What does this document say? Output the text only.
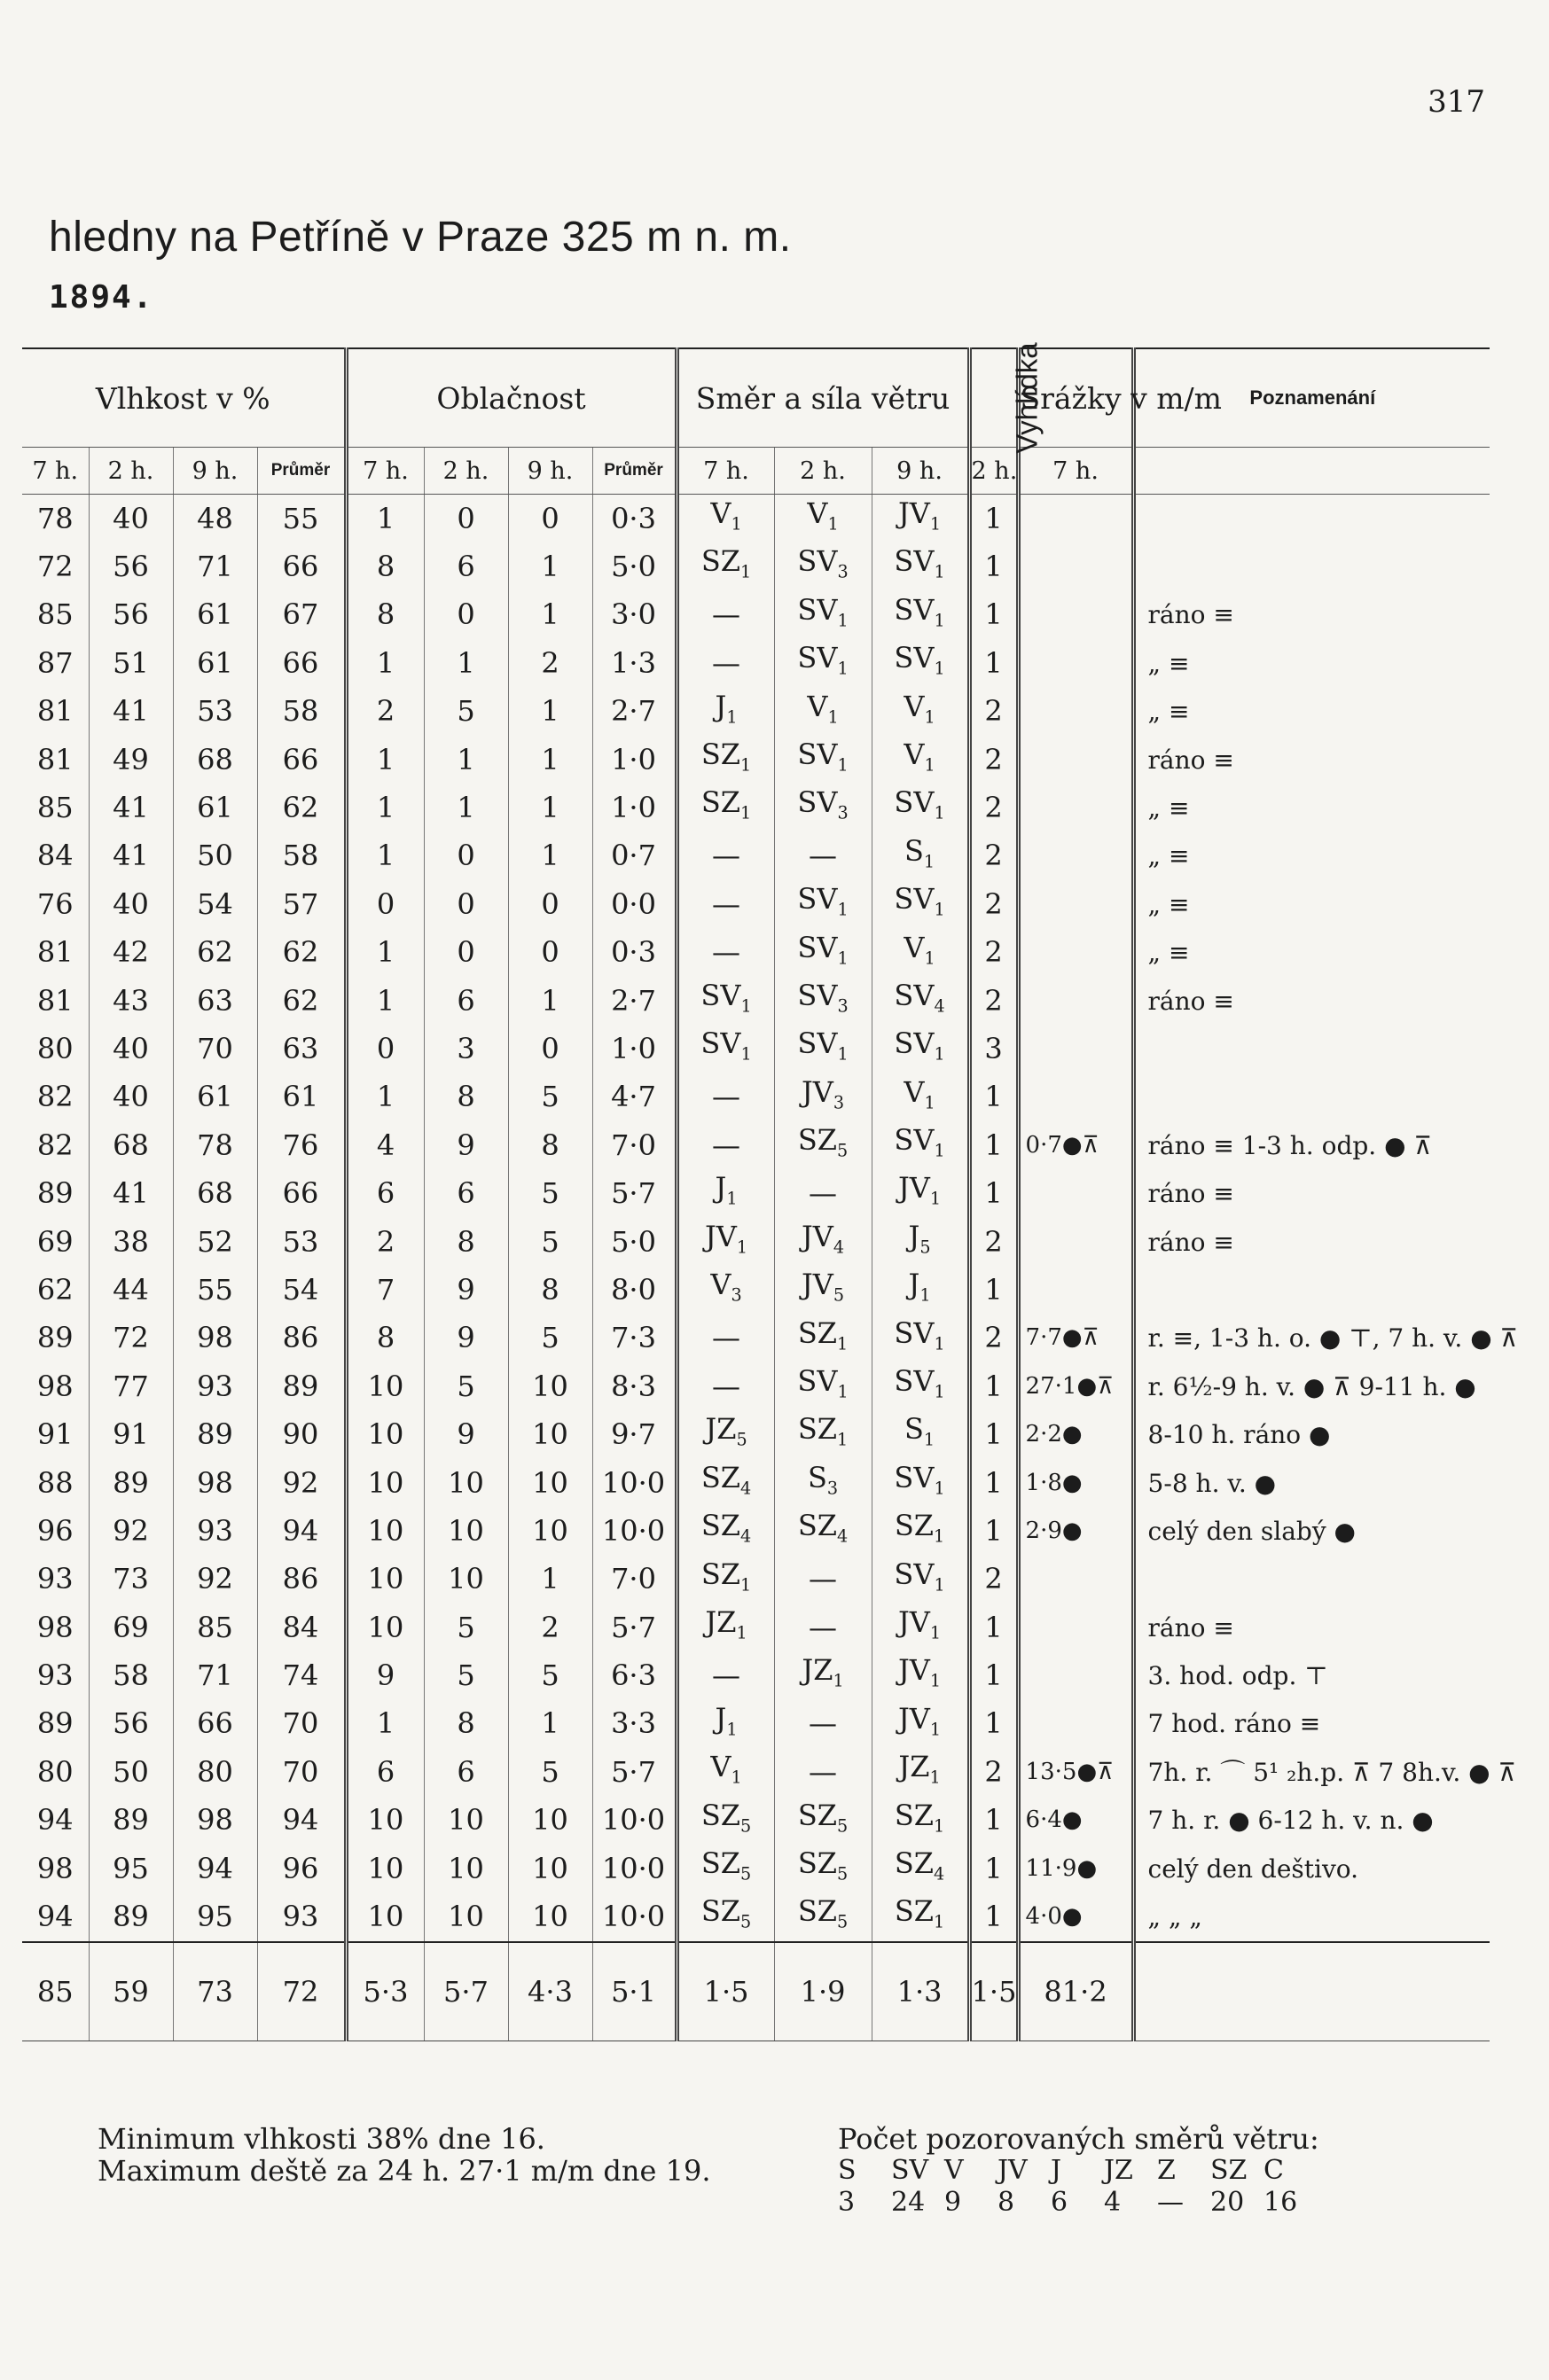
317
hledny na Petříně v Praze 325 m n. m.
1894.
Vlhkost v %				Oblačnost				Směr a síla větru			Vyhlídka	Srážky v m/m	Poznamenání
7 h.	2 h.	9 h.	Průměr	7 h.	2 h.	9 h.	Průměr	7 h.	2 h.	9 h.	2 h.	7 h.	
78	40	48	55	1	0	0	0·3	$V_1$	$V_1$	$JV_1$	1		
72	56	71	66	8	6	1	5·0	$SZ_1$	$SV_3$	$SV_1$	1		
85	56	61	67	8	0	1	3·0	—	$SV_1$	$SV_1$	1		ráno ≡
87	51	61	66	1	1	2	1·3	—	$SV_1$	$SV_1$	1		„ ≡
81	41	53	58	2	5	1	2·7	$J_1$	$V_1$	$V_1$	2		„ ≡
81	49	68	66	1	1	1	1·0	$SZ_1$	$SV_1$	$V_1$	2		ráno ≡
85	41	61	62	1	1	1	1·0	$SZ_1$	$SV_3$	$SV_1$	2		„ ≡
84	41	50	58	1	0	1	0·7	—	—	$S_1$	2		„ ≡
76	40	54	57	0	0	0	0·0	—	$SV_1$	$SV_1$	2		„ ≡
81	42	62	62	1	0	0	0·3	—	$SV_1$	$V_1$	2		„ ≡
81	43	63	62	1	6	1	2·7	$SV_1$	$SV_3$	$SV_4$	2		ráno ≡
80	40	70	63	0	3	0	1·0	$SV_1$	$SV_1$	$SV_1$	3		
82	40	61	61	1	8	5	4·7	—	$JV_3$	$V_1$	1		
82	68	78	76	4	9	8	7·0	—	$SZ_5$	$SV_1$	1	0·7●⊼	ráno ≡ 1-3 h. odp. ● ⊼
89	41	68	66	6	6	5	5·7	$J_1$	—	$JV_1$	1		ráno ≡
69	38	52	53	2	8	5	5·0	$JV_1$	$JV_4$	$J_5$	2		ráno ≡
62	44	55	54	7	9	8	8·0	$V_3$	$JV_5$	$J_1$	1		
89	72	98	86	8	9	5	7·3	—	$SZ_1$	$SV_1$	2	7·7●⊼	r. ≡, 1-3 h. o. ● ⊤, 7 h. v. ● ⊼
98	77	93	89	10	5	10	8·3	—	$SV_1$	$SV_1$	1	27·1●⊼	r. 6½-9 h. v. ● ⊼ 9-11 h. ●
91	91	89	90	10	9	10	9·7	$JZ_5$	$SZ_1$	$S_1$	1	2·2●	8-10 h. ráno ●
88	89	98	92	10	10	10	10·0	$SZ_4$	$S_3$	$SV_1$	1	1·8●	5-8 h. v. ●
96	92	93	94	10	10	10	10·0	$SZ_4$	$SZ_4$	$SZ_1$	1	2·9●	celý den slabý ●
93	73	92	86	10	10	1	7·0	$SZ_1$	—	$SV_1$	2		
98	69	85	84	10	5	2	5·7	$JZ_1$	—	$JV_1$	1		ráno ≡
93	58	71	74	9	5	5	6·3	—	$JZ_1$	$JV_1$	1		3. hod. odp. ⊤
89	56	66	70	1	8	1	3·3	$J_1$	—	$JV_1$	1		7 hod. ráno ≡
80	50	80	70	6	6	5	5·7	$V_1$	—	$JZ_1$	2	13·5●⊼	7h. r. ⌒ 5¹ ₂h.p. ⊼ 7 8h.v. ● ⊼
94	89	98	94	10	10	10	10·0	$SZ_5$	$SZ_5$	$SZ_1$	1	6·4●	7 h. r. ● 6-12 h. v. n. ●
98	95	94	96	10	10	10	10·0	$SZ_5$	$SZ_5$	$SZ_4$	1	11·9●	celý den deštivo.
94	89	95	93	10	10	10	10·0	$SZ_5$	$SZ_5$	$SZ_1$	1	4·0●	„ „ „
85	59	73	72	5·3	5·7	4·3	5·1	1·5	1·9	1·3	1·5	81·2	
Minimum vlhkosti 38% dne 16.
Maximum deště za 24 h. 27·1 m/m dne 19.
Počet pozorovaných směrů větru:
S	SV V	JV J	JZ Z	SZ C
3	24 9	8	6	4	—	20 16
